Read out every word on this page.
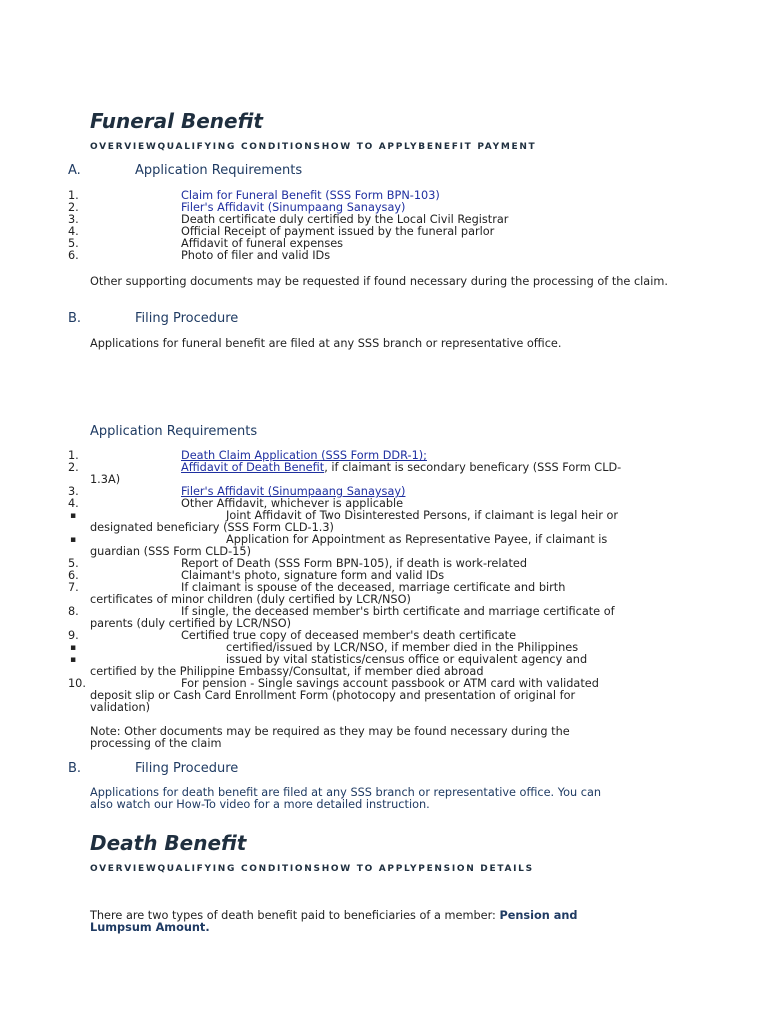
Funeral Benefit
OVERVIEWQUALIFYING CONDITIONSHOW TO APPLYBENEFIT PAYMENT
A.	Application Requirements
1.	Claim for Funeral Benefit (SSS Form BPN-103)
2.	Filer's Affidavit (Sinumpaang Sanaysay)
3.	Death certificate duly certified by the Local Civil Registrar
4.	Official Receipt of payment issued by the funeral parlor
5.	Affidavit of funeral expenses
6.	Photo of filer and valid IDs
Other supporting documents may be requested if found necessary during the processing of the claim.
B.	Filing Procedure
Applications for funeral benefit are filed at any SSS branch or representative office.
Application Requirements
1.	Death Claim Application (SSS Form DDR-1);
2.	Affidavit of Death Benefit, if claimant is secondary beneficary (SSS Form CLD-
1.3A)
3.	Filer's Affidavit (Sinumpaang Sanaysay)
4.	Other Affidavit, whichever is applicable
▪	Joint Affidavit of Two Disinterested Persons, if claimant is legal heir or
designated beneficiary (SSS Form CLD-1.3)
▪	Application for Appointment as Representative Payee, if claimant is
guardian (SSS Form CLD-15)
5.	Report of Death (SSS Form BPN-105), if death is work-related
6.	Claimant's photo, signature form and valid IDs
7.	If claimant is spouse of the deceased, marriage certificate and birth
certificates of minor children (duly certified by LCR/NSO)
8.	If single, the deceased member's birth certificate and marriage certificate of
parents (duly certified by LCR/NSO)
9.	Certified true copy of deceased member's death certificate
▪	certified/issued by LCR/NSO, if member died in the Philippines
▪	issued by vital statistics/census office or equivalent agency and
certified by the Philippine Embassy/Consultat, if member died abroad
10.	For pension - Single savings account passbook or ATM card with validated
deposit slip or Cash Card Enrollment Form (photocopy and presentation of original for
validation)
Note: Other documents may be required as they may be found necessary during the
processing of the claim
B.	Filing Procedure
Applications for death benefit are filed at any SSS branch or representative office. You can
also watch our How-To video for a more detailed instruction.
Death Benefit
OVERVIEWQUALIFYING CONDITIONSHOW TO APPLYPENSION DETAILS
There are two types of death benefit paid to beneficiaries of a member: Pension and
Lumpsum Amount.
